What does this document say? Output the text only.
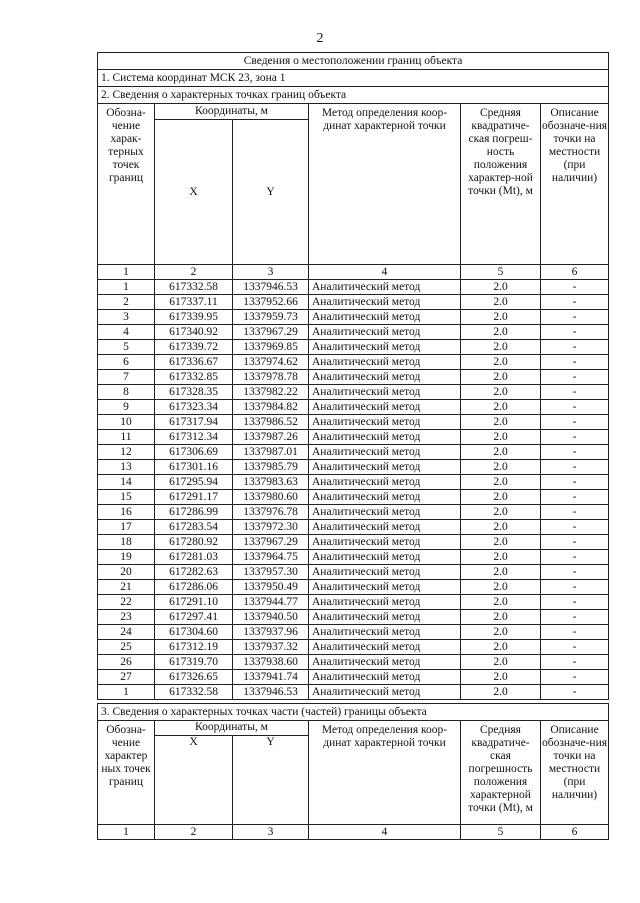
2
Сведения о местоположении границ объекта					
1. Система координат МСК 23, зона 1					
2. Сведения о характерных точках границ объекта					
Обозна-чение харак-терных точек границ	Координаты, м		Метод определения коор-динат характерной точки	Средняя квадратиче-ская погреш-ность положения характер-ной точки (Mt), м	Описание обозначе-ния точки на местности (при наличии)
	X	Y			
1	2	3	4	5	6
1	617332.58	1337946.53	Аналитический метод	2.0	-
2	617337.11	1337952.66	Аналитический метод	2.0	-
3	617339.95	1337959.73	Аналитический метод	2.0	-
4	617340.92	1337967.29	Аналитический метод	2.0	-
5	617339.72	1337969.85	Аналитический метод	2.0	-
6	617336.67	1337974.62	Аналитический метод	2.0	-
7	617332.85	1337978.78	Аналитический метод	2.0	-
8	617328.35	1337982.22	Аналитический метод	2.0	-
9	617323.34	1337984.82	Аналитический метод	2.0	-
10	617317.94	1337986.52	Аналитический метод	2.0	-
11	617312.34	1337987.26	Аналитический метод	2.0	-
12	617306.69	1337987.01	Аналитический метод	2.0	-
13	617301.16	1337985.79	Аналитический метод	2.0	-
14	617295.94	1337983.63	Аналитический метод	2.0	-
15	617291.17	1337980.60	Аналитический метод	2.0	-
16	617286.99	1337976.78	Аналитический метод	2.0	-
17	617283.54	1337972.30	Аналитический метод	2.0	-
18	617280.92	1337967.29	Аналитический метод	2.0	-
19	617281.03	1337964.75	Аналитический метод	2.0	-
20	617282.63	1337957.30	Аналитический метод	2.0	-
21	617286.06	1337950.49	Аналитический метод	2.0	-
22	617291.10	1337944.77	Аналитический метод	2.0	-
23	617297.41	1337940.50	Аналитический метод	2.0	-
24	617304.60	1337937.96	Аналитический метод	2.0	-
25	617312.19	1337937.32	Аналитический метод	2.0	-
26	617319.70	1337938.60	Аналитический метод	2.0	-
27	617326.65	1337941.74	Аналитический метод	2.0	-
1	617332.58	1337946.53	Аналитический метод	2.0	-
3. Сведения о характерных точках части (частей) границы объекта					
Обозна-чение характер ных точек границ	Координаты, м		Метод определения коор-динат характерной точки	Средняя квадратиче-ская погрешность положения характерной точки (Mt), м	Описание обозначе-ния точки на местности (при наличии)
	X	Y			
1	2	3	4	5	6
